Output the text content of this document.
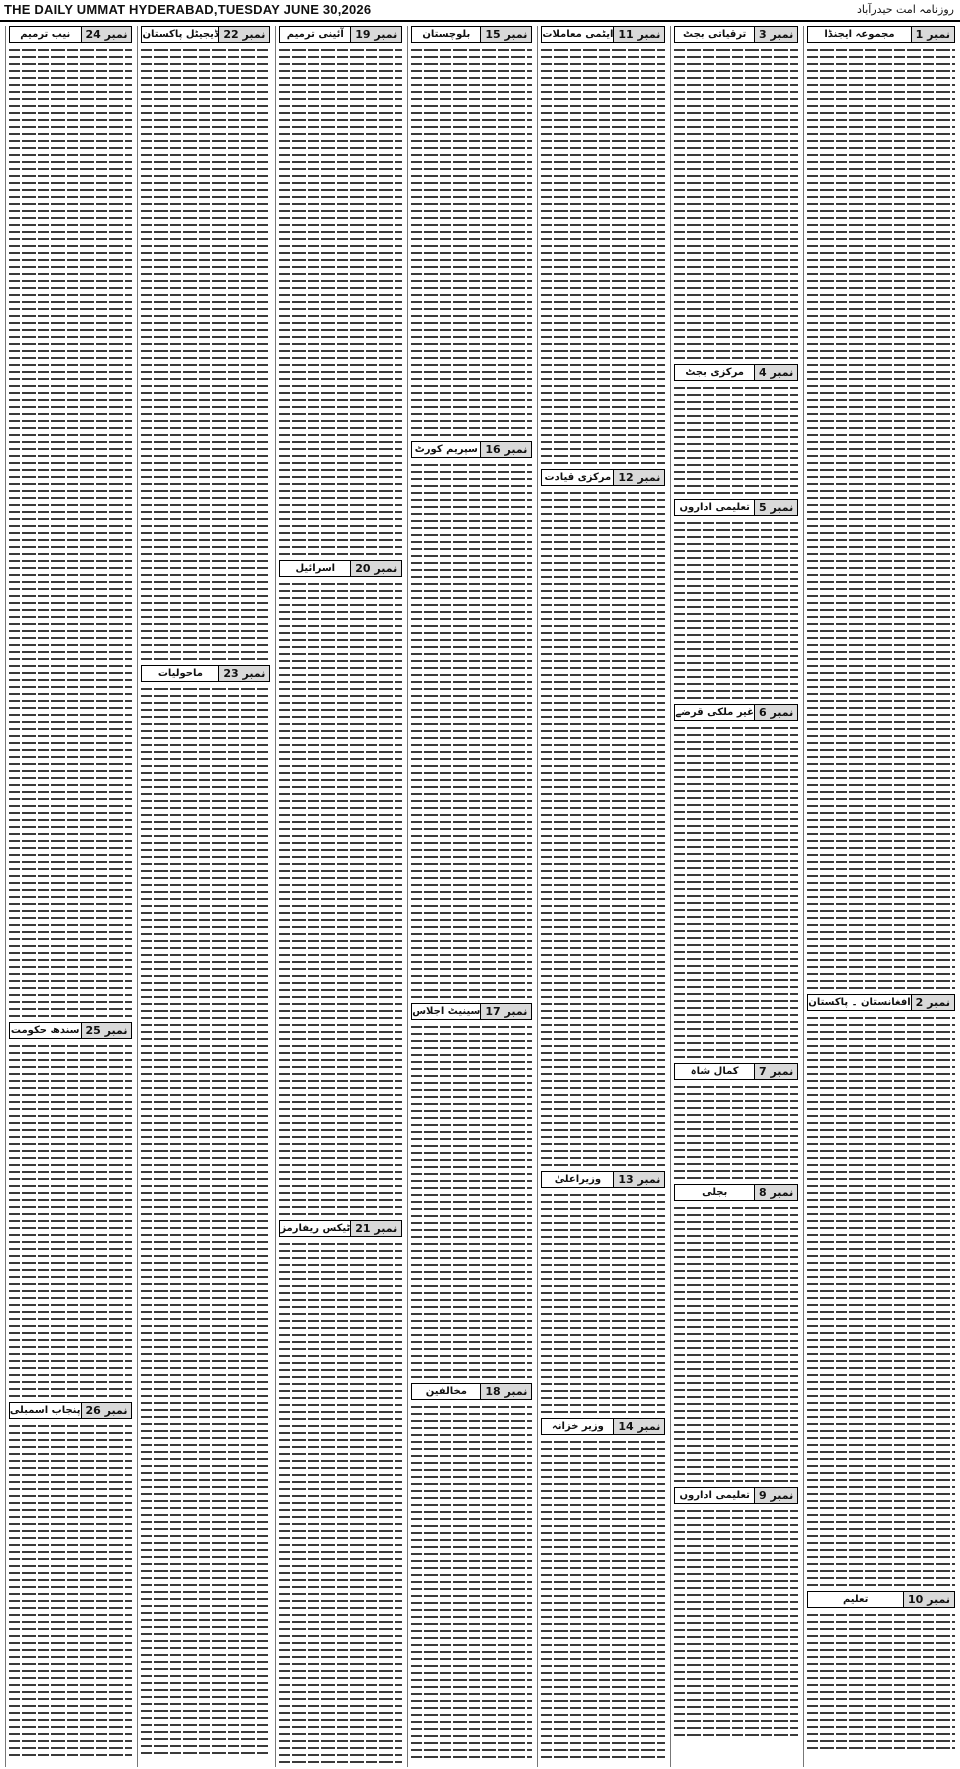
THE DAILY UMMAT HYDERABAD,TUESDAY JUNE 30,2026	روزنامہ امت حیدرآباد
نمبر 1
مجموعہ ایجنڈا
نمبر 2
افغانستان ۔ پاکستان
نمبر 10
تعلیم
نمبر 3
ترقیاتی بجٹ
نمبر 4
مرکزی بجٹ
نمبر 5
تعلیمی اداروں
نمبر 6
غیر ملکی قرضے
نمبر 7
کمال شاہ
نمبر 8
بجلی
نمبر 9
تعلیمی اداروں
نمبر 11
ایٹمی معاملات
نمبر 12
مرکزی قیادت
نمبر 13
وزیراعلیٰ
نمبر 14
وزیر خزانہ
نمبر 15
بلوچستان
نمبر 16
سپریم کورٹ
نمبر 17
سینیٹ اجلاس
نمبر 18
مخالفین
نمبر 19
آئینی ترمیم
نمبر 20
اسرائیل
نمبر 21
ٹیکس ریفارمز
نمبر 22
ڈیجیٹل پاکستان
نمبر 23
ماحولیات
نمبر 24
نیب ترمیم
نمبر 25
سندھ حکومت
نمبر 26
پنجاب اسمبلی
